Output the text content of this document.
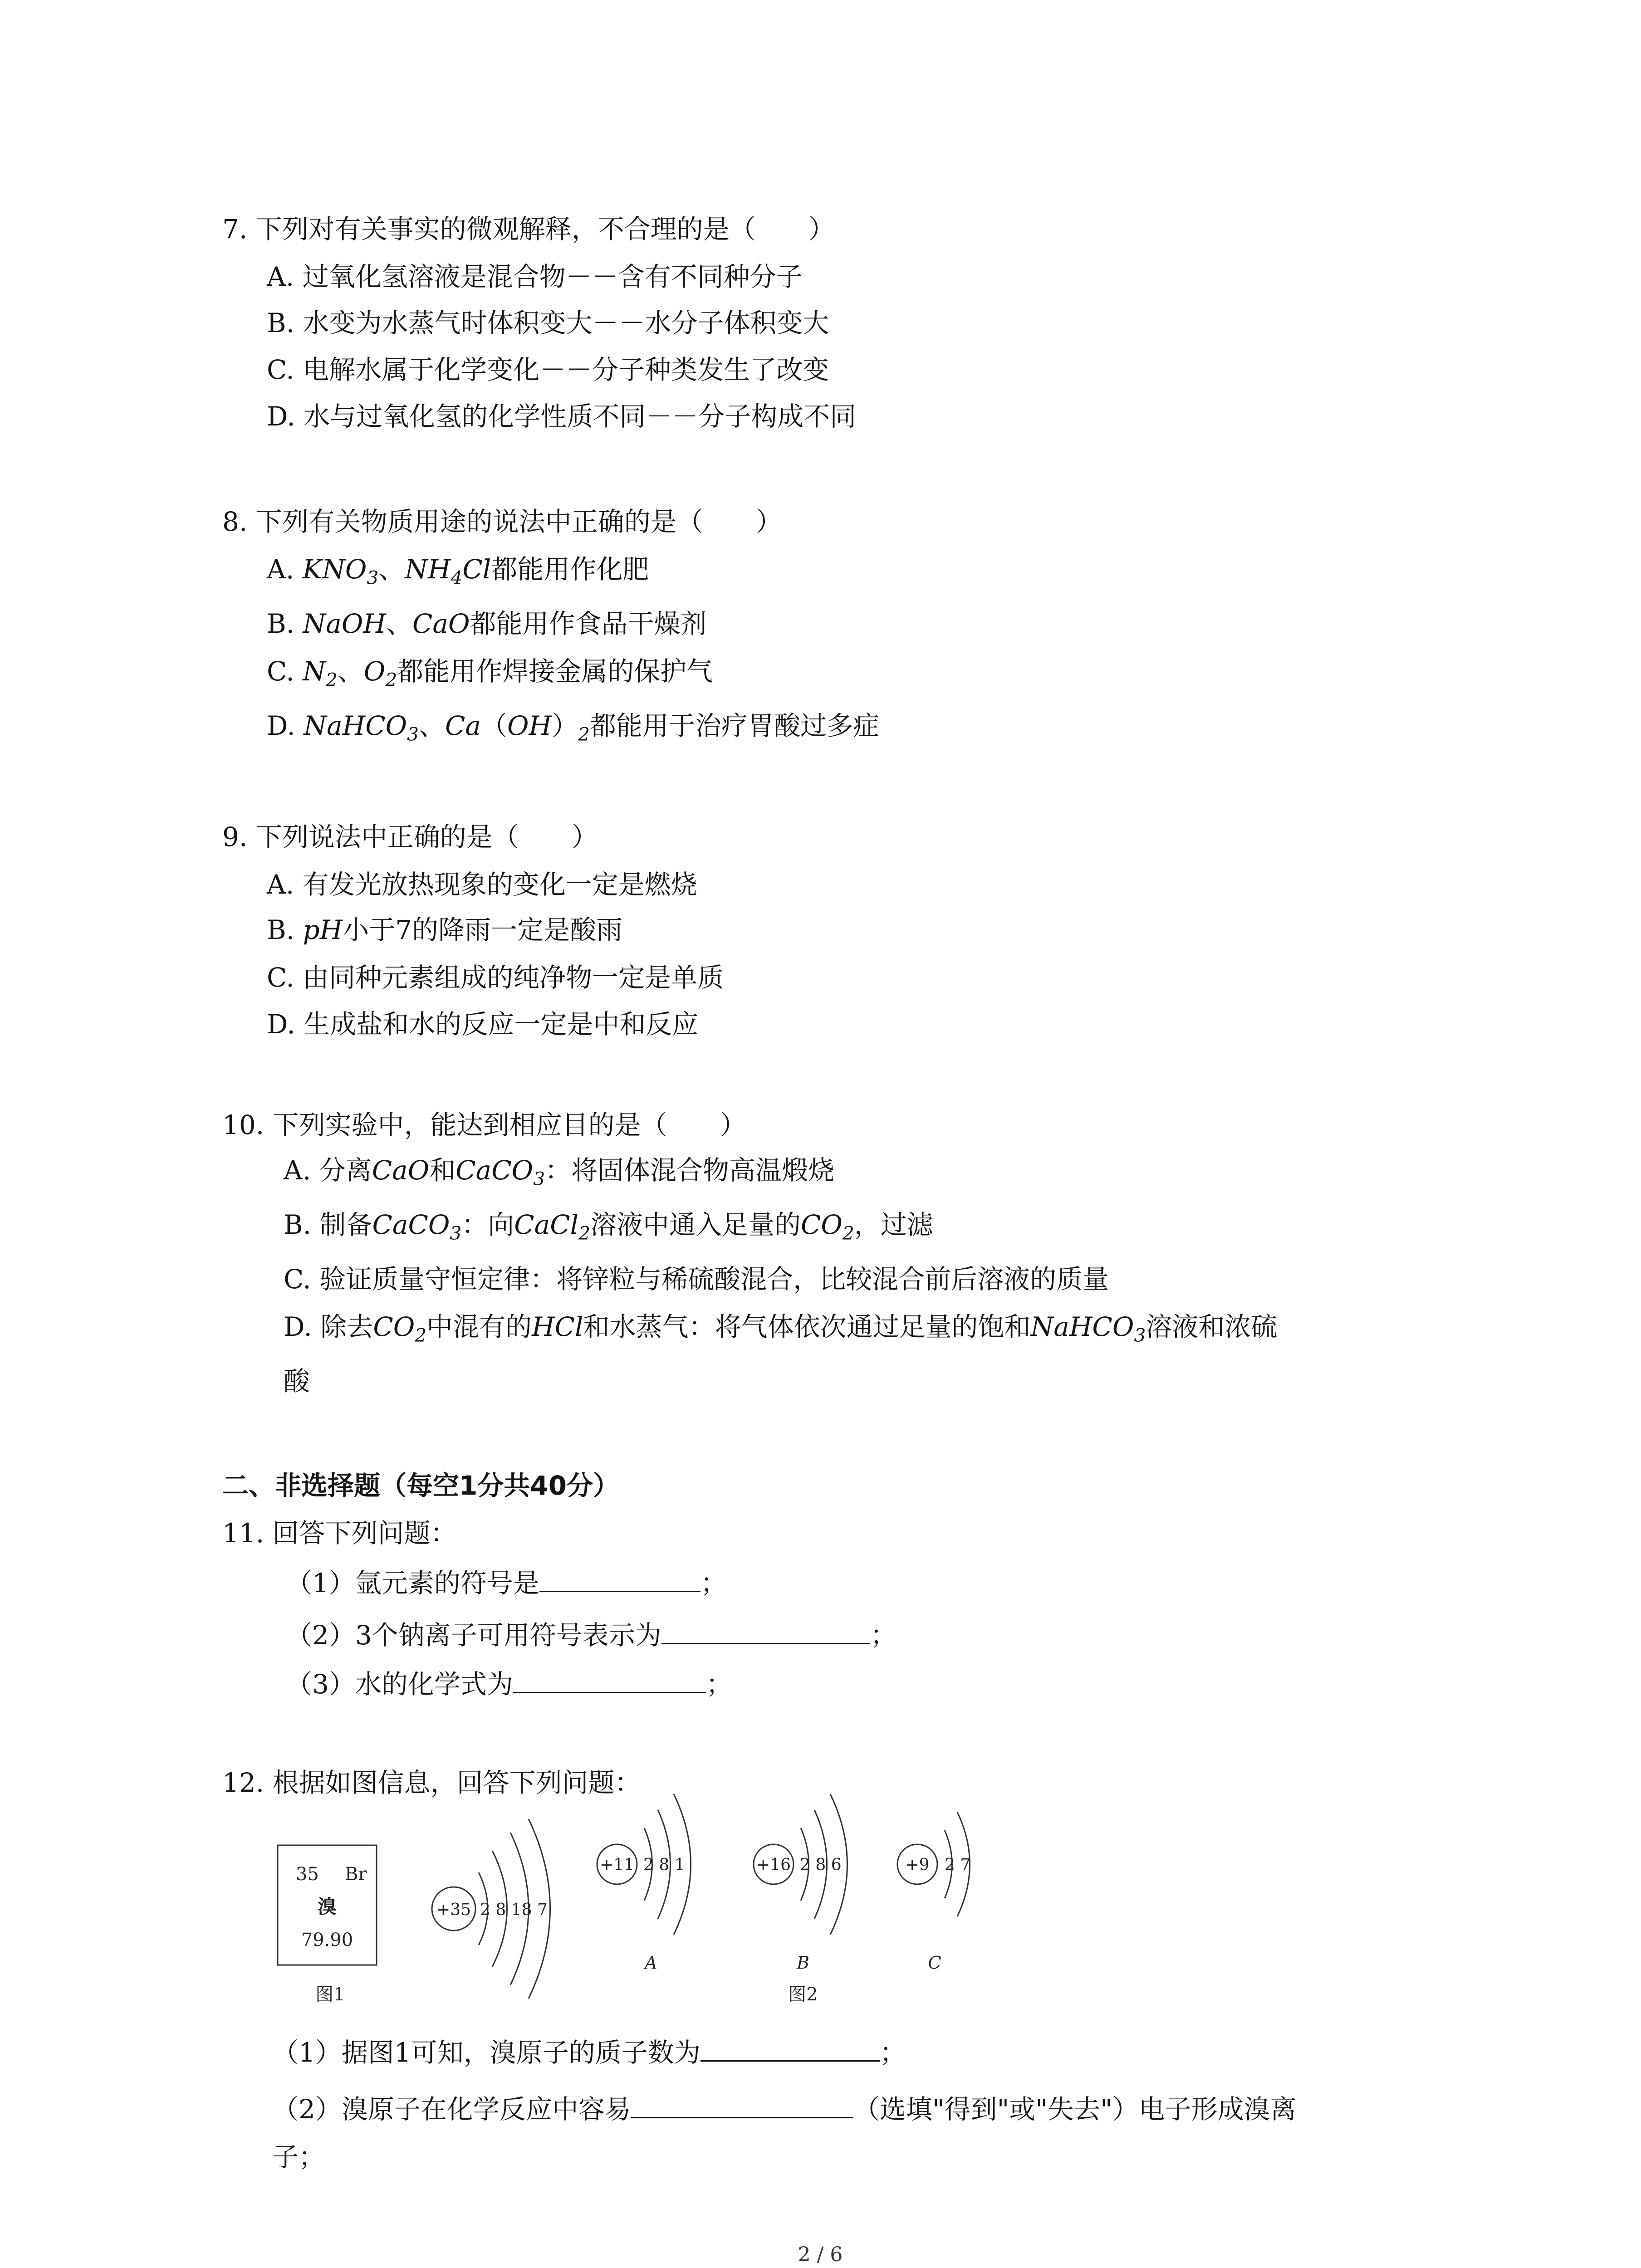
7. 下列对有关事实的微观解释，不合理的是（　　）
A. 过氧化氢溶液是混合物－－含有不同种分子
B. 水变为水蒸气时体积变大－－水分子体积变大
C. 电解水属于化学变化－－分子种类发生了改变
D. 水与过氧化氢的化学性质不同－－分子构成不同
8. 下列有关物质用途的说法中正确的是（　　）
A. $KNO_3$、$NH_4Cl$都能用作化肥
B. NaOH、CaO都能用作食品干燥剂
C. $N_2$、$O_2$都能用作焊接金属的保护气
D. NaHCO$_3$、$Ca(OH)_2$都能用于治疗胃酸过多症
9. 下列说法中正确的是（　　）
A. 有发光放热现象的变化一定是燃烧
B. pH小于7的降雨一定是酸雨
C. 由同种元素组成的纯净物一定是单质
D. 生成盐和水的反应一定是中和反应
10. 下列实验中，能达到相应目的是（　　）
A. 分离CaO和CaCO$_3$：将固体混合物高温煅烧
B. 制备CaCO$_3$：向CaCl$_2$溶液中通入足量的$CO_2$，过滤
C. 验证质量守恒定律：将锌粒与稀硫酸混合，比较混合前后溶液的质量
D. 除去$CO_2$中混有的HCl和水蒸气：将气体依次通过足量的饱和NaHCO$_3$溶液和浓硫
酸
二、非选择题（每空1分共40分）
11. 回答下列问题：
（1）氩元素的符号是	；
（2）3个钠离子可用符号表示为	；
（3）水的化学式为	；
12. 根据如图信息，回答下列问题：
35 Br
溴
79.90
图1
+35 2 8 18 7
+11 2 8 1
A
+16 2 8 6
B
图2
+9 2 7
C
（1）据图1可知，溴原子的质子数为	；
（2）溴原子在化学反应中容易	（选填"得到"或"失去"）电子形成溴离
子；
2 / 6
